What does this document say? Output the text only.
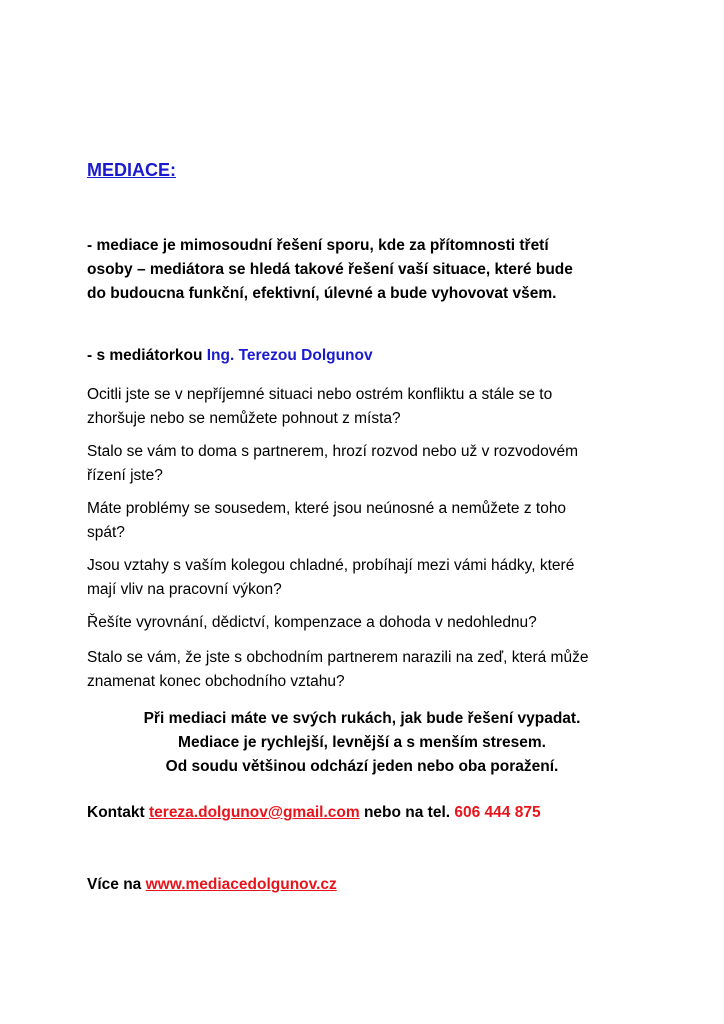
MEDIACE:

- mediace je mimosoudní řešení sporu, kde za přítomnosti třetí
osoby – mediátora se hledá takové řešení vaší situace, které bude
do budoucna funkční, efektivní, úlevné a bude vyhovovat všem.

- s mediátorkou Ing. Terezou Dolgunov

Ocitli jste se v nepříjemné situaci nebo ostrém konfliktu a stále se to
zhoršuje nebo se nemůžete pohnout z místa?

Stalo se vám to doma s partnerem, hrozí rozvod nebo už v rozvodovém
řízení jste?

Máte problémy se sousedem, které jsou neúnosné a nemůžete z toho
spát?

Jsou vztahy s vaším kolegou chladné, probíhají mezi vámi hádky, které
mají vliv na pracovní výkon?

Řešíte vyrovnání, dědictví, kompenzace a dohoda v nedohlednu?

Stalo se vám, že jste s obchodním partnerem narazili na zeď, která může
znamenat konec obchodního vztahu?

Při mediaci máte ve svých rukách, jak bude řešení vypadat.
Mediace je rychlejší, levnější a s menším stresem.
Od soudu většinou odchází jeden nebo oba poražení.

Kontakt tereza.dolgunov@gmail.com nebo na tel. 606 444 875

Více na www.mediacedolgunov.cz
